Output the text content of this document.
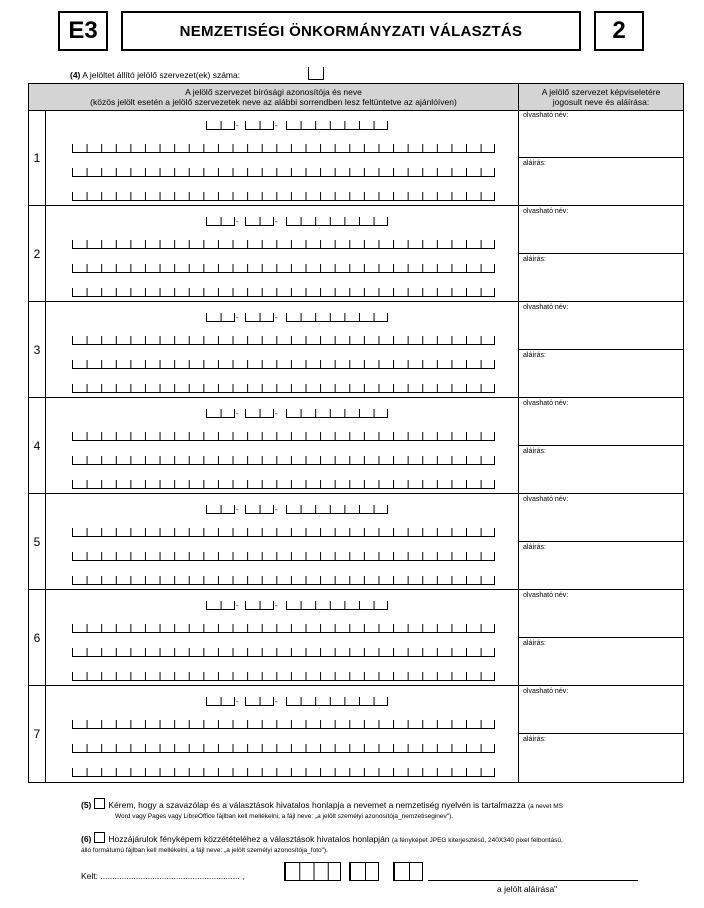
E3	NEMZETISÉGI ÖNKORMÁNYZATI VÁLASZTÁS	2
(4) A jelöltet állító jelölő szervezet(ek) száma:
A jelölő szervezet bírósági azonosítója és neve
(közös jelölt esetén a jelölő szervezetek neve az alábbi sorrendben lesz feltüntetve az ajánlóíven)
A jelölő szervezet képviseletére
jogosult neve és aláírása:
1
-	-
olvasható név:
aláírás:
2
-	-
olvasható név:
aláírás:
3
-	-
olvasható név:
aláírás:
4
-	-
olvasható név:
aláírás:
5
-	-
olvasható név:
aláírás:
6
-	-
olvasható név:
aláírás:
7
-	-
olvasható név:
aláírás:
(5) Kérem, hogy a szavazólap és a választások hivatalos honlapja a nevemet a nemzetiség nyelvén is tartalmazza (a nevet MS
Word vagy Pages vagy LibreOffice fájlban kell mellékelni, a fájl neve: „a jelölt személyi azonosítója_nemzetiseginev").
(6) Hozzájárulok fényképem közzétételéhez a választások hivatalos honlapján (a fényképet JPEG kiterjesztésű, 240X340 pixel felbontású,
álló formátumú fájlban kell mellékelni, a fájl neve: „a jelölt személyi azonosítója_foto").
Kelt: ........................................................... ,
a jelölt aláírása"
